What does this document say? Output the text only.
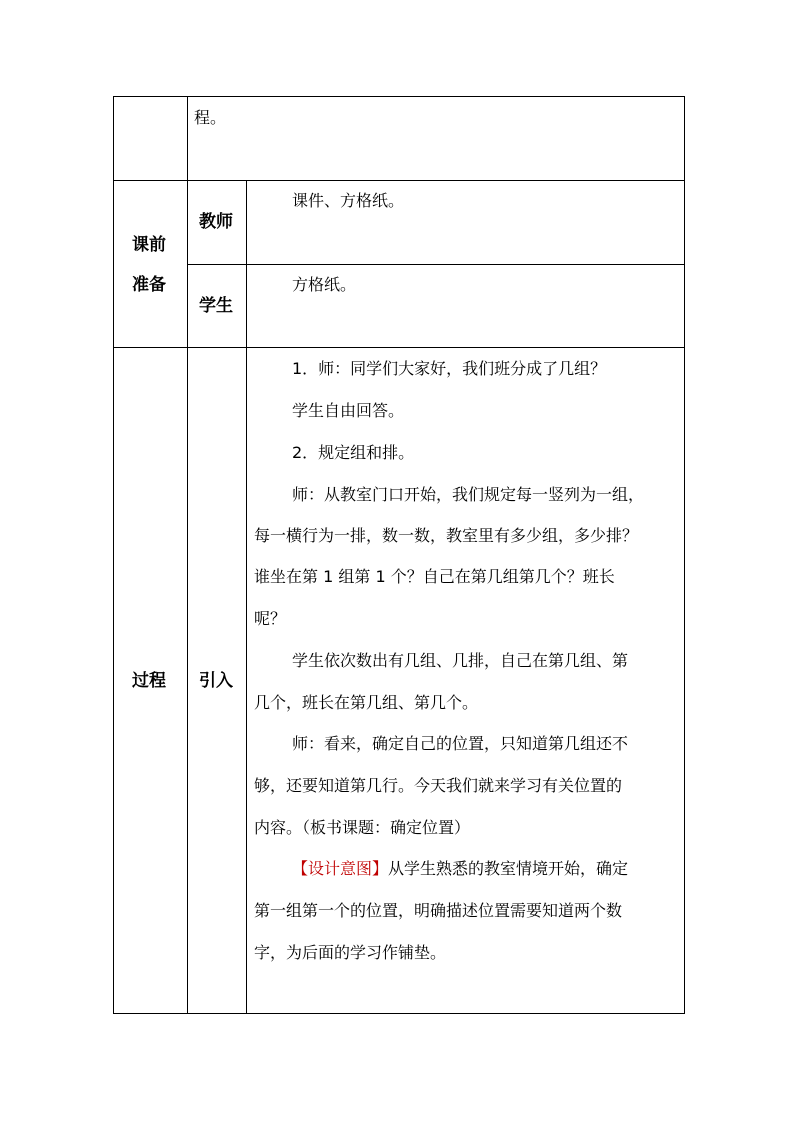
程。
课前
准备
教师
课件、方格纸。
学生
方格纸。
过程 引入
1．师：同学们大家好，我们班分成了几组？
学生自由回答。
2．规定组和排。
师：从教室门口开始，我们规定每一竖列为一组，
每一横行为一排，数一数，教室里有多少组，多少排？
谁坐在第 1 组第 1 个？自己在第几组第几个？班长
呢？
学生依次数出有几组、几排，自己在第几组、第
几个，班长在第几组、第几个。
师：看来，确定自己的位置，只知道第几组还不
够，还要知道第几行。今天我们就来学习有关位置的
内容。（板书课题：确定位置）
【设计意图】从学生熟悉的教室情境开始，确定
第一组第一个的位置，明确描述位置需要知道两个数
字，为后面的学习作铺垫。
